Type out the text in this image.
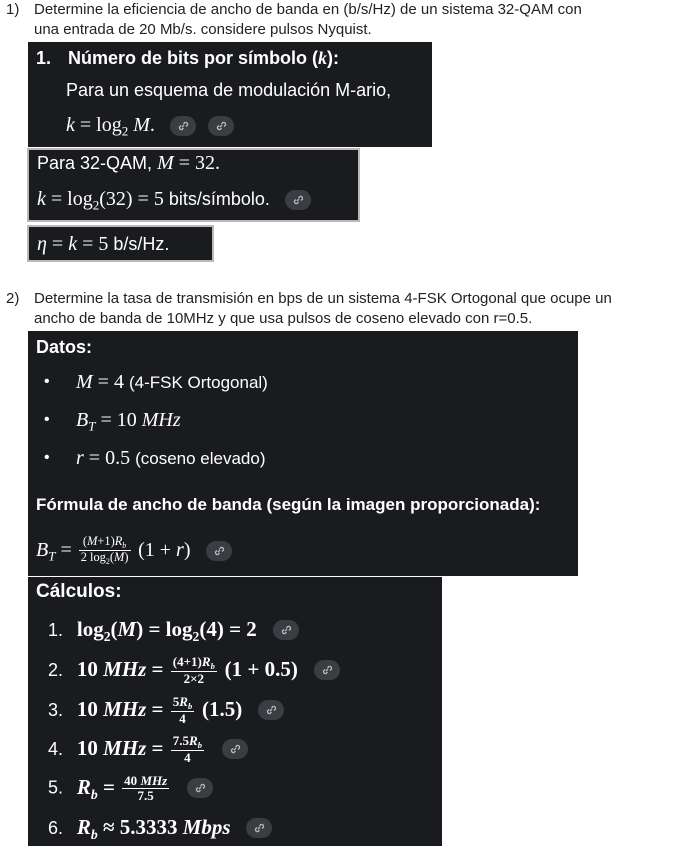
1) Determine la eficiencia de ancho de banda en (b/s/Hz) de un sistema 32-QAM con
una entrada de 20 Mb/s. considere pulsos Nyquist.
1. Número de bits por símbolo (k):
Para un esquema de modulación M-ario,
$k = \log_2 M$.

Para 32-QAM, M = 32.
$k = \log_2(32) = 5$ bits/símbolo.
η = k = 5 b/s/Hz.
2) Determine la tasa de transmisión en bps de un sistema 4-FSK Ortogonal que ocupe un
ancho de banda de 10MHz y que usa pulsos de coseno elevado con r=0.5.
Datos:
• M = 4 (4-FSK Ortogonal)
• $B_T = 10$ MHz
• r = 0.5 (coseno elevado)
Fórmula de ancho de banda (según la imagen proporcionada):
$B_T = \frac{(M+1)R_b}{2 \log_2(M)} (1 + r)$
Cálculos:
1. $\log_2(M) = \log_2(4) = 2$
2. 10 MHz = $\frac{(4+1)R_b}{2\times 2} (1 + 0.5)$
3. 10 MHz = $\frac{5R_b}{4} (1.5)$
4. 10 MHz = $\frac{7.5R_b}{4}$

5. $R_b = \frac{\text{40 MHz}}{7.5}$

6. $R_b \approx 5.3333$ Mbps
